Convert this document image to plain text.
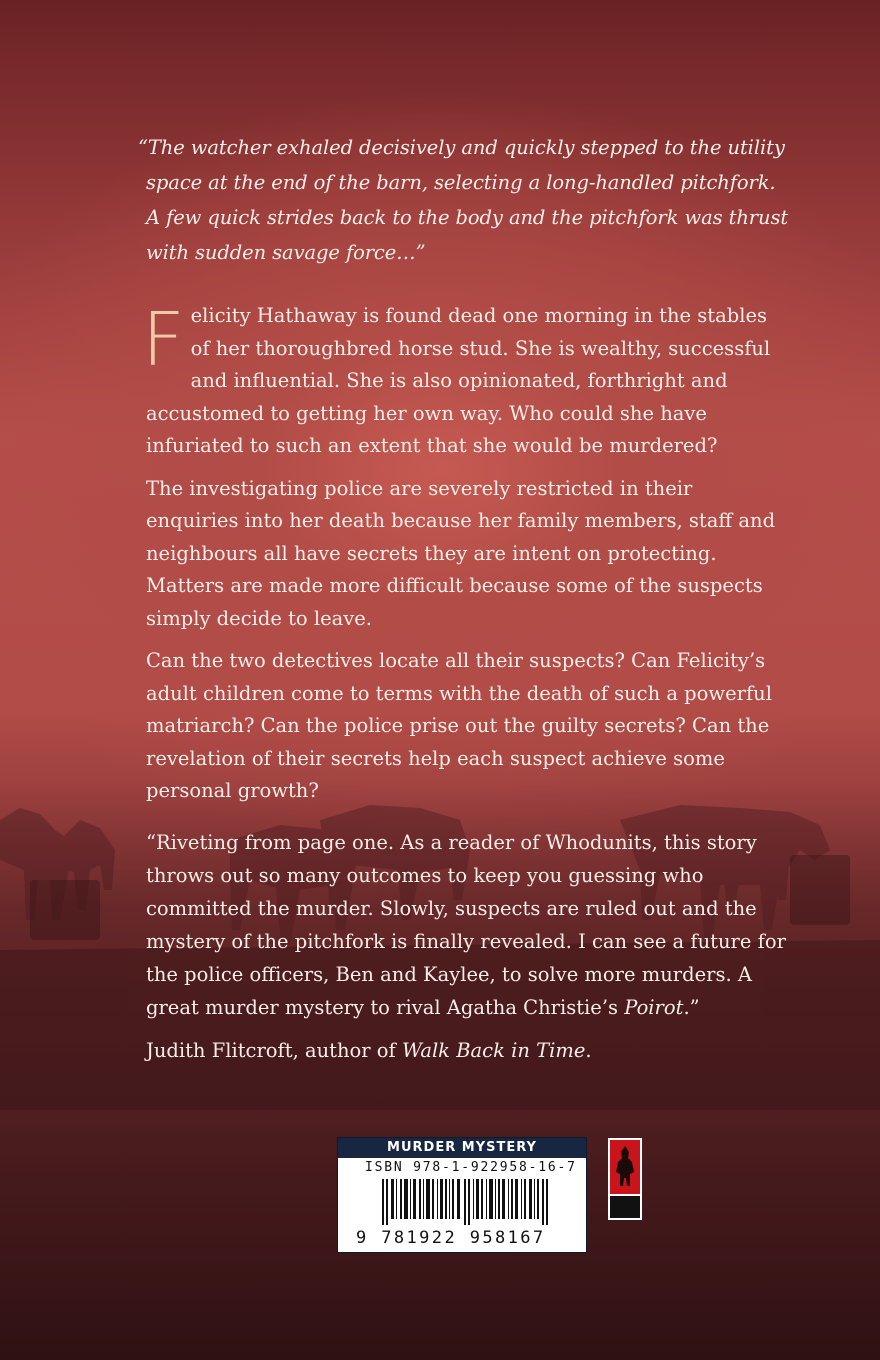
“The watcher exhaled decisively and quickly stepped to the utility

space at the end of the barn, selecting a long-handled pitchfork.

A few quick strides back to the body and the pitchfork was thrust

with sudden savage force…”

Felicity Hathaway is found dead one morning in the stables of her thoroughbred horse stud. She is wealthy, successful and influential. She is also opinionated, forthright and accustomed to getting her own way. Who could she have infuriated to such an extent that she would be murdered?

The investigating police are severely restricted in their enquiries into her death because her family members, staff and neighbours all have secrets they are intent on protecting. Matters are made more difficult because some of the suspects simply decide to leave.

Can the two detectives locate all their suspects? Can Felicity’s adult children come to terms with the death of such a powerful matriarch? Can the police prise out the guilty secrets? Can the revelation of their secrets help each suspect achieve some personal growth?

“Riveting from page one. As a reader of Whodunits, this story throws out so many outcomes to keep you guessing who committed the murder. Slowly, suspects are ruled out and the mystery of the pitchfork is finally revealed. I can see a future for the police officers, Ben and Kaylee, to solve more murders. A great murder mystery to rival Agatha Christie’s Poirot.”

Judith Flitcroft, author of Walk Back in Time.

MURDER MYSTERY
ISBN 978-1-922958-16-7
9 781922 958167
